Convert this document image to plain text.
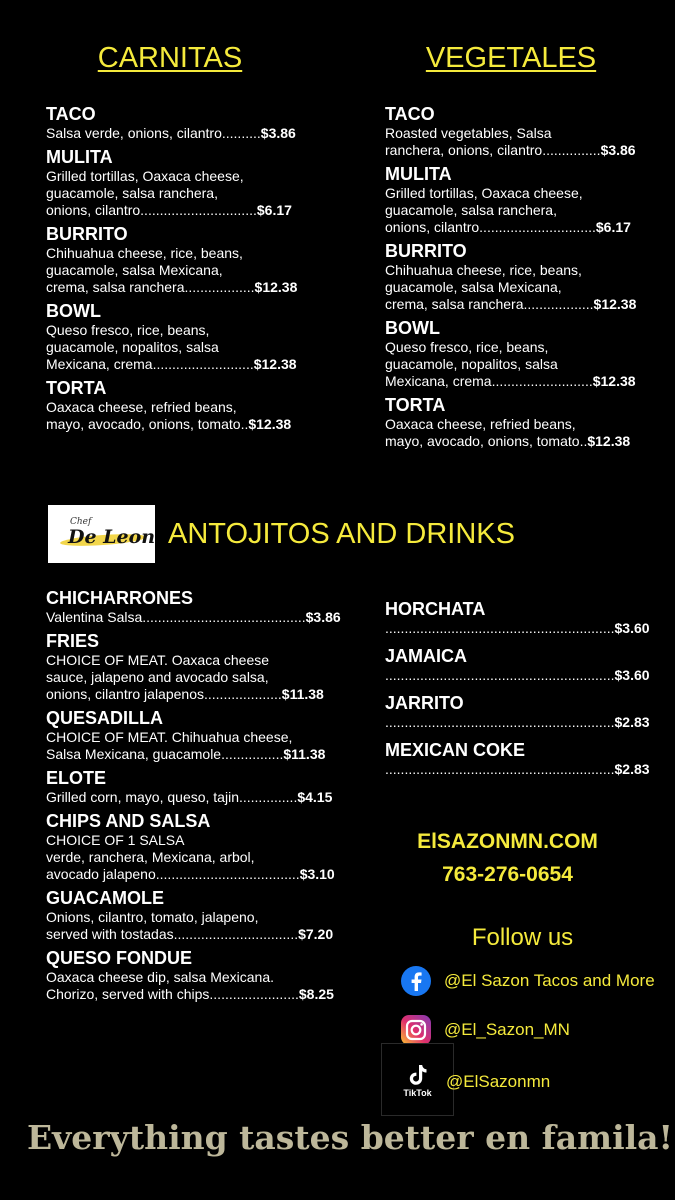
CARNITAS	VEGETALES
TACO
Salsa verde, onions, cilantro..........$3.86
MULITA
Grilled tortillas, Oaxaca cheese,
guacamole, salsa ranchera,
onions, cilantro..............................$6.17
BURRITO
Chihuahua cheese, rice, beans,
guacamole, salsa Mexicana,
crema, salsa ranchera..................$12.38
BOWL
Queso fresco, rice, beans,
guacamole, nopalitos, salsa
Mexicana, crema..........................$12.38
TORTA
Oaxaca cheese, refried beans,
mayo, avocado, onions, tomato..$12.38
TACO
Roasted vegetables, Salsa
ranchera, onions, cilantro...............$3.86
MULITA
Grilled tortillas, Oaxaca cheese,
guacamole, salsa ranchera,
onions, cilantro..............................$6.17
BURRITO
Chihuahua cheese, rice, beans,
guacamole, salsa Mexicana,
crema, salsa ranchera..................$12.38
BOWL
Queso fresco, rice, beans,
guacamole, nopalitos, salsa
Mexicana, crema..........................$12.38
TORTA
Oaxaca cheese, refried beans,
mayo, avocado, onions, tomato..$12.38
Chef
De Leon ANTOJITOS AND DRINKS
CHICHARRONES
Valentina Salsa..........................................$3.86
FRIES
CHOICE OF MEAT. Oaxaca cheese
sauce, jalapeno and avocado salsa,
onions, cilantro jalapenos....................$11.38
QUESADILLA
CHOICE OF MEAT. Chihuahua cheese,
Salsa Mexicana, guacamole................$11.38
ELOTE
Grilled corn, mayo, queso, tajin...............$4.15
CHIPS AND SALSA
CHOICE OF 1 SALSA
verde, ranchera, Mexicana, arbol,
avocado jalapeno.....................................$3.10
GUACAMOLE
Onions, cilantro, tomato, jalapeno,
served with tostadas................................$7.20
QUESO FONDUE
Oaxaca cheese dip, salsa Mexicana.
Chorizo, served with chips.......................$8.25
HORCHATA
...........................................................$3.60
JAMAICA
...........................................................$3.60
JARRITO
...........................................................$2.83
MEXICAN COKE
...........................................................$2.83
ElSAZONMN.COM
763-276-0654
Follow us
@El Sazon Tacos and More
@El_Sazon_MN
TikTok
@ElSazonmn
Everything tastes better en famila!
